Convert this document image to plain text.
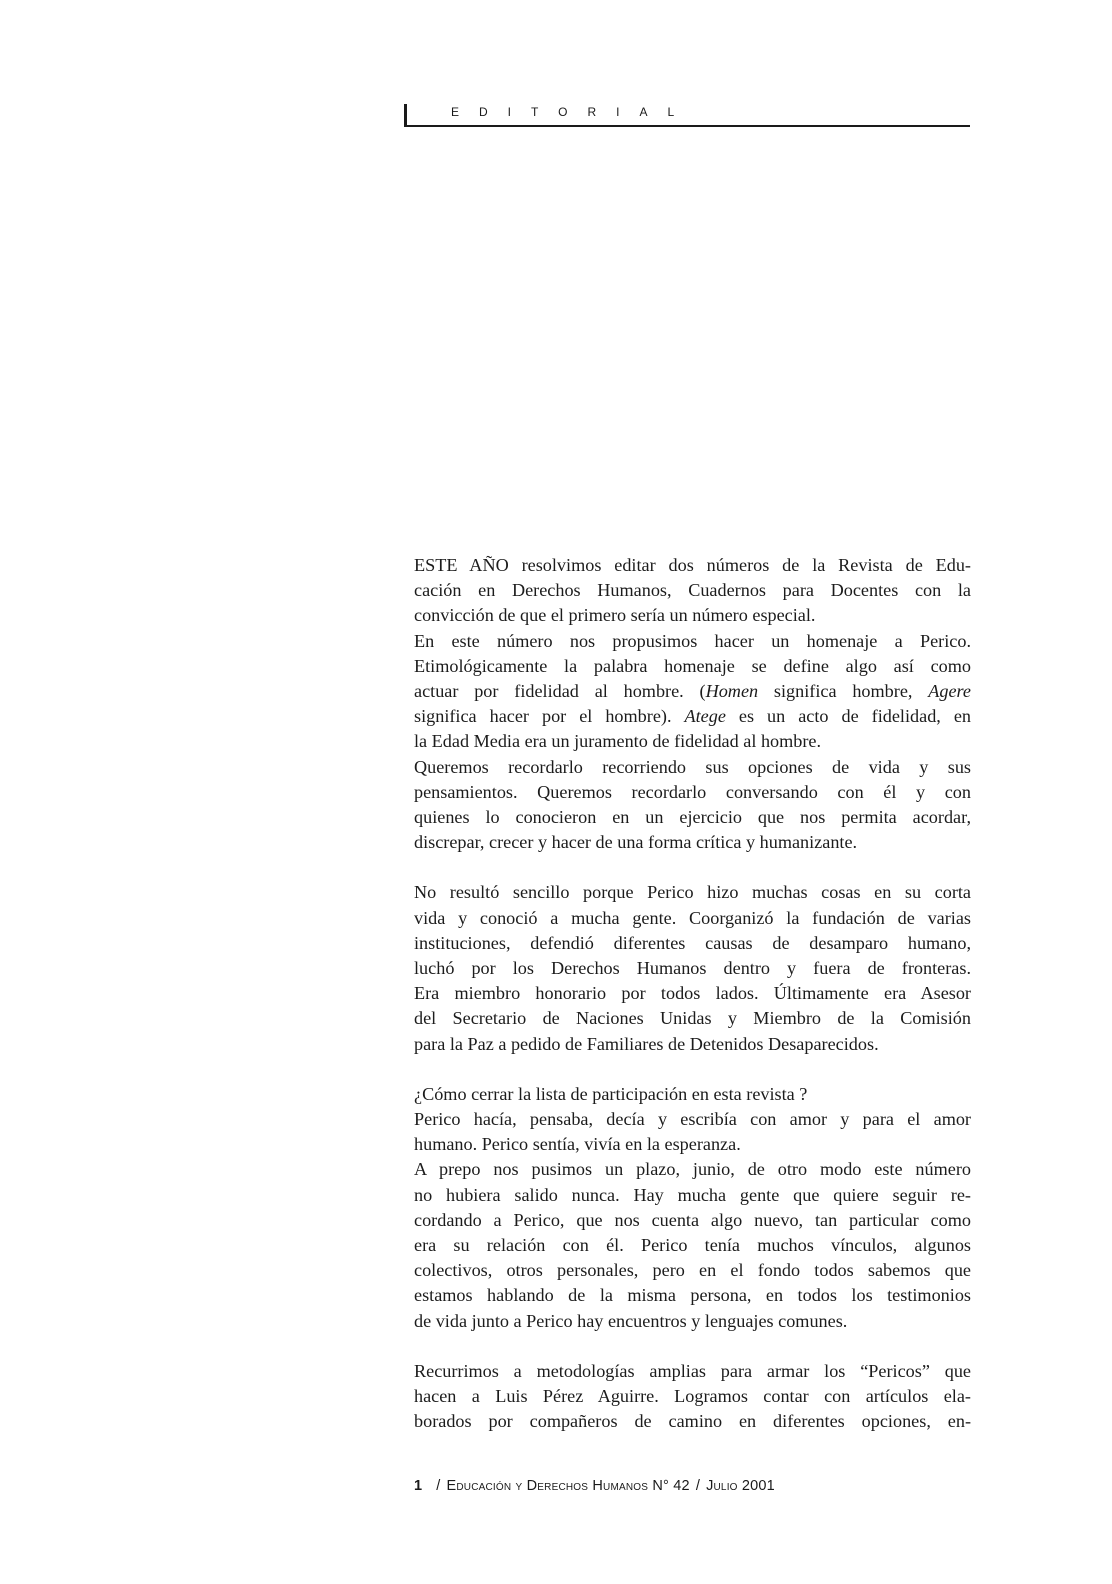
EDITORIAL
ESTE AÑO resolvimos editar dos números de la Revista de Edu-
cación en Derechos Humanos, Cuadernos para Docentes con la
convicción de que el primero sería un número especial.
En este número nos propusimos hacer un homenaje a Perico.
Etimológicamente la palabra homenaje se define algo así como
actuar por fidelidad al hombre. (Homen significa hombre, Agere
significa hacer por el hombre). Atege es un acto de fidelidad, en
la Edad Media era un juramento de fidelidad al hombre.
Queremos recordarlo recorriendo sus opciones de vida y sus
pensamientos. Queremos recordarlo conversando con él y con
quienes lo conocieron en un ejercicio que nos permita acordar,
discrepar, crecer y hacer de una forma crítica y humanizante.
No resultó sencillo porque Perico hizo muchas cosas en su corta
vida y conoció a mucha gente. Coorganizó la fundación de varias
instituciones, defendió diferentes causas de desamparo humano,
luchó por los Derechos Humanos dentro y fuera de fronteras.
Era miembro honorario por todos lados. Últimamente era Asesor
del Secretario de Naciones Unidas y Miembro de la Comisión
para la Paz a pedido de Familiares de Detenidos Desaparecidos.
¿Cómo cerrar la lista de participación en esta revista ?
Perico hacía, pensaba, decía y escribía con amor y para el amor
humano. Perico sentía, vivía en la esperanza.
A prepo nos pusimos un plazo, junio, de otro modo este número
no hubiera salido nunca. Hay mucha gente que quiere seguir re-
cordando a Perico, que nos cuenta algo nuevo, tan particular como
era su relación con él. Perico tenía muchos vínculos, algunos
colectivos, otros personales, pero en el fondo todos sabemos que
estamos hablando de la misma persona, en todos los testimonios
de vida junto a Perico hay encuentros y lenguajes comunes.
Recurrimos a metodologías amplias para armar los “Pericos” que
hacen a Luis Pérez Aguirre. Logramos contar con artículos ela-
borados por compañeros de camino en diferentes opciones, en-
1 / Educación y Derechos Humanos N° 42 / Julio 2001
